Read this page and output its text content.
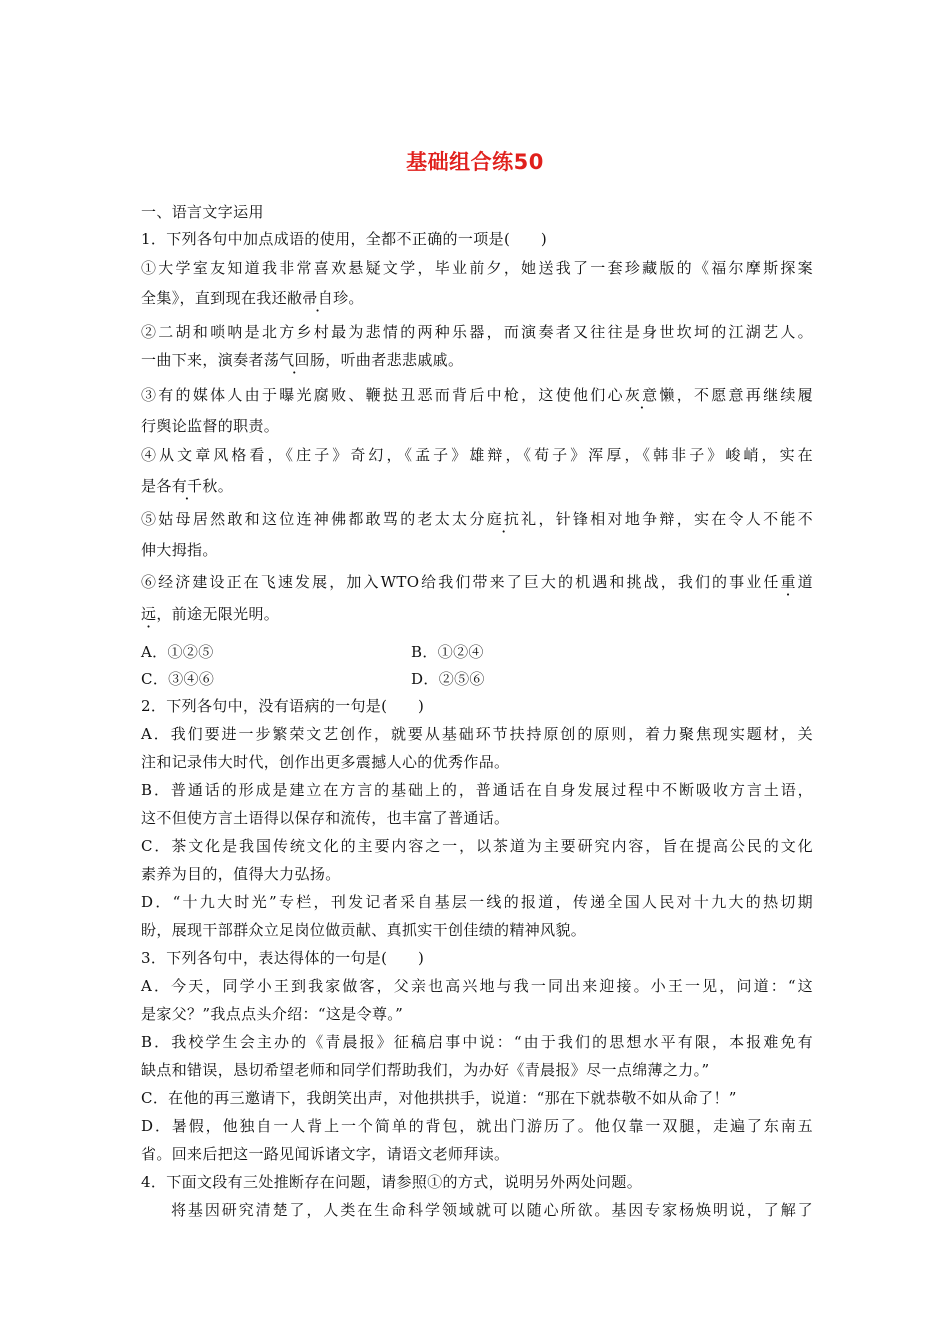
基础组合练50
一、语言文字运用
1．下列各句中加点成语的使用，全都不正确的一项是(　　)
①大学室友知道我非常喜欢悬疑文学，毕业前夕，她送我了一套珍藏版的《福尔摩斯探案
全集》，直到现在我还敝帚自珍。
②二胡和唢呐是北方乡村最为悲情的两种乐器，而演奏者又往往是身世坎坷的江湖艺人。
一曲下来，演奏者荡气回肠，听曲者悲悲戚戚。
③有的媒体人由于曝光腐败、鞭挞丑恶而背后中枪，这使他们心灰意懒，不愿意再继续履
行舆论监督的职责。
④从文章风格看，《庄子》奇幻，《孟子》雄辩，《荀子》浑厚，《韩非子》峻峭，实在
是各有千秋。
⑤姑母居然敢和这位连神佛都敢骂的老太太分庭抗礼，针锋相对地争辩，实在令人不能不
伸大拇指。
⑥经济建设正在飞速发展，加入WTO给我们带来了巨大的机遇和挑战，我们的事业任重道
远，前途无限光明。
A．①②⑤	B．①②④
C．③④⑥	D．②⑤⑥
2．下列各句中，没有语病的一句是(　　)
A．我们要进一步繁荣文艺创作，就要从基础环节扶持原创的原则，着力聚焦现实题材，关
注和记录伟大时代，创作出更多震撼人心的优秀作品。
B．普通话的形成是建立在方言的基础上的，普通话在自身发展过程中不断吸收方言土语，
这不但使方言土语得以保存和流传，也丰富了普通话。
C．茶文化是我国传统文化的主要内容之一，以茶道为主要研究内容，旨在提高公民的文化
素养为目的，值得大力弘扬。
D．“十九大时光”专栏，刊发记者采自基层一线的报道，传递全国人民对十九大的热切期
盼，展现干部群众立足岗位做贡献、真抓实干创佳绩的精神风貌。
3．下列各句中，表达得体的一句是(　　)
A．今天，同学小王到我家做客，父亲也高兴地与我一同出来迎接。小王一见，问道：“这
是家父？”我点点头介绍：“这是令尊。”
B．我校学生会主办的《青晨报》征稿启事中说：“由于我们的思想水平有限，本报难免有
缺点和错误，恳切希望老师和同学们帮助我们，为办好《青晨报》尽一点绵薄之力。”
C．在他的再三邀请下，我朗笑出声，对他拱拱手，说道：“那在下就恭敬不如从命了！”
D．暑假，他独自一人背上一个简单的背包，就出门游历了。他仅靠一双腿，走遍了东南五
省。回来后把这一路见闻诉诸文字，请语文老师拜读。
4．下面文段有三处推断存在问题，请参照①的方式，说明另外两处问题。
将基因研究清楚了，人类在生命科学领域就可以随心所欲。基因专家杨焕明说，了解了
